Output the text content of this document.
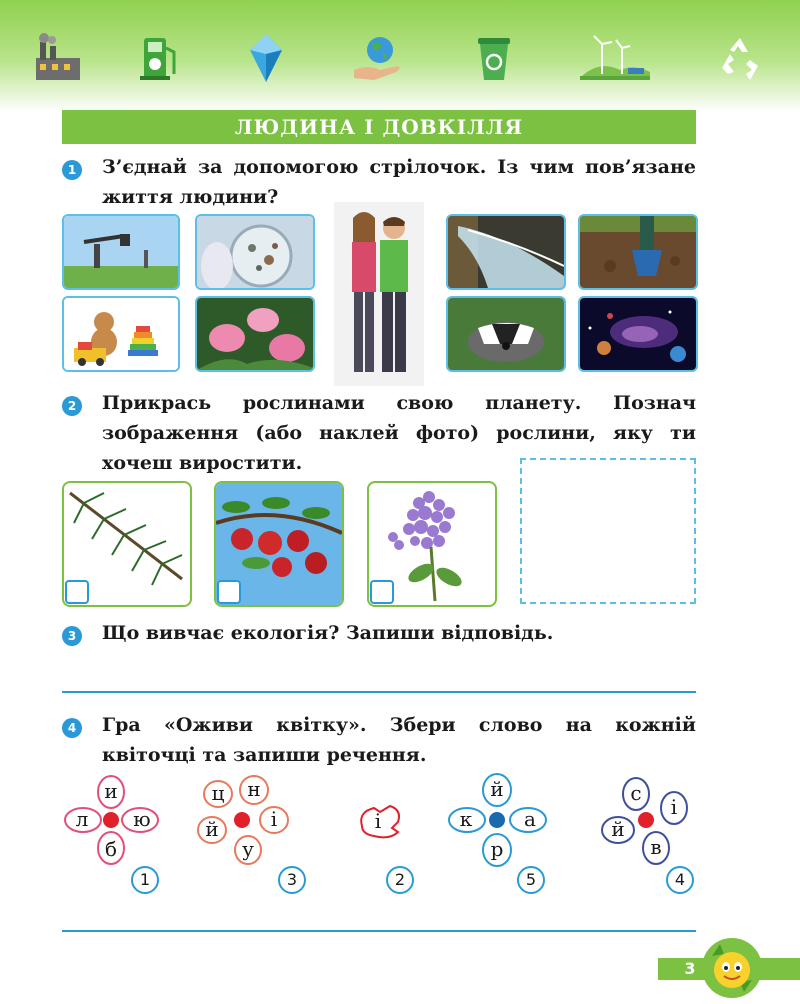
ЛЮДИНА І ДОВКІЛЛЯ
1	З’єднай за допомогою стрілочок. Із чим пов’язане життя людини?
2	Прикрась рослинами свою планету. Познач зображення (або наклей фото) рослини, яку ти хочеш виростити.
3	Що вивчає екологія? Запиши відповідь.
4	Гра «Оживи квітку». Збери слово на кожній квіточці та запиши речення.
и
ю
б
л
1
ц н
і
у
й
3
і
2
й
а
р
к
5
с
і
в
й
4
3
